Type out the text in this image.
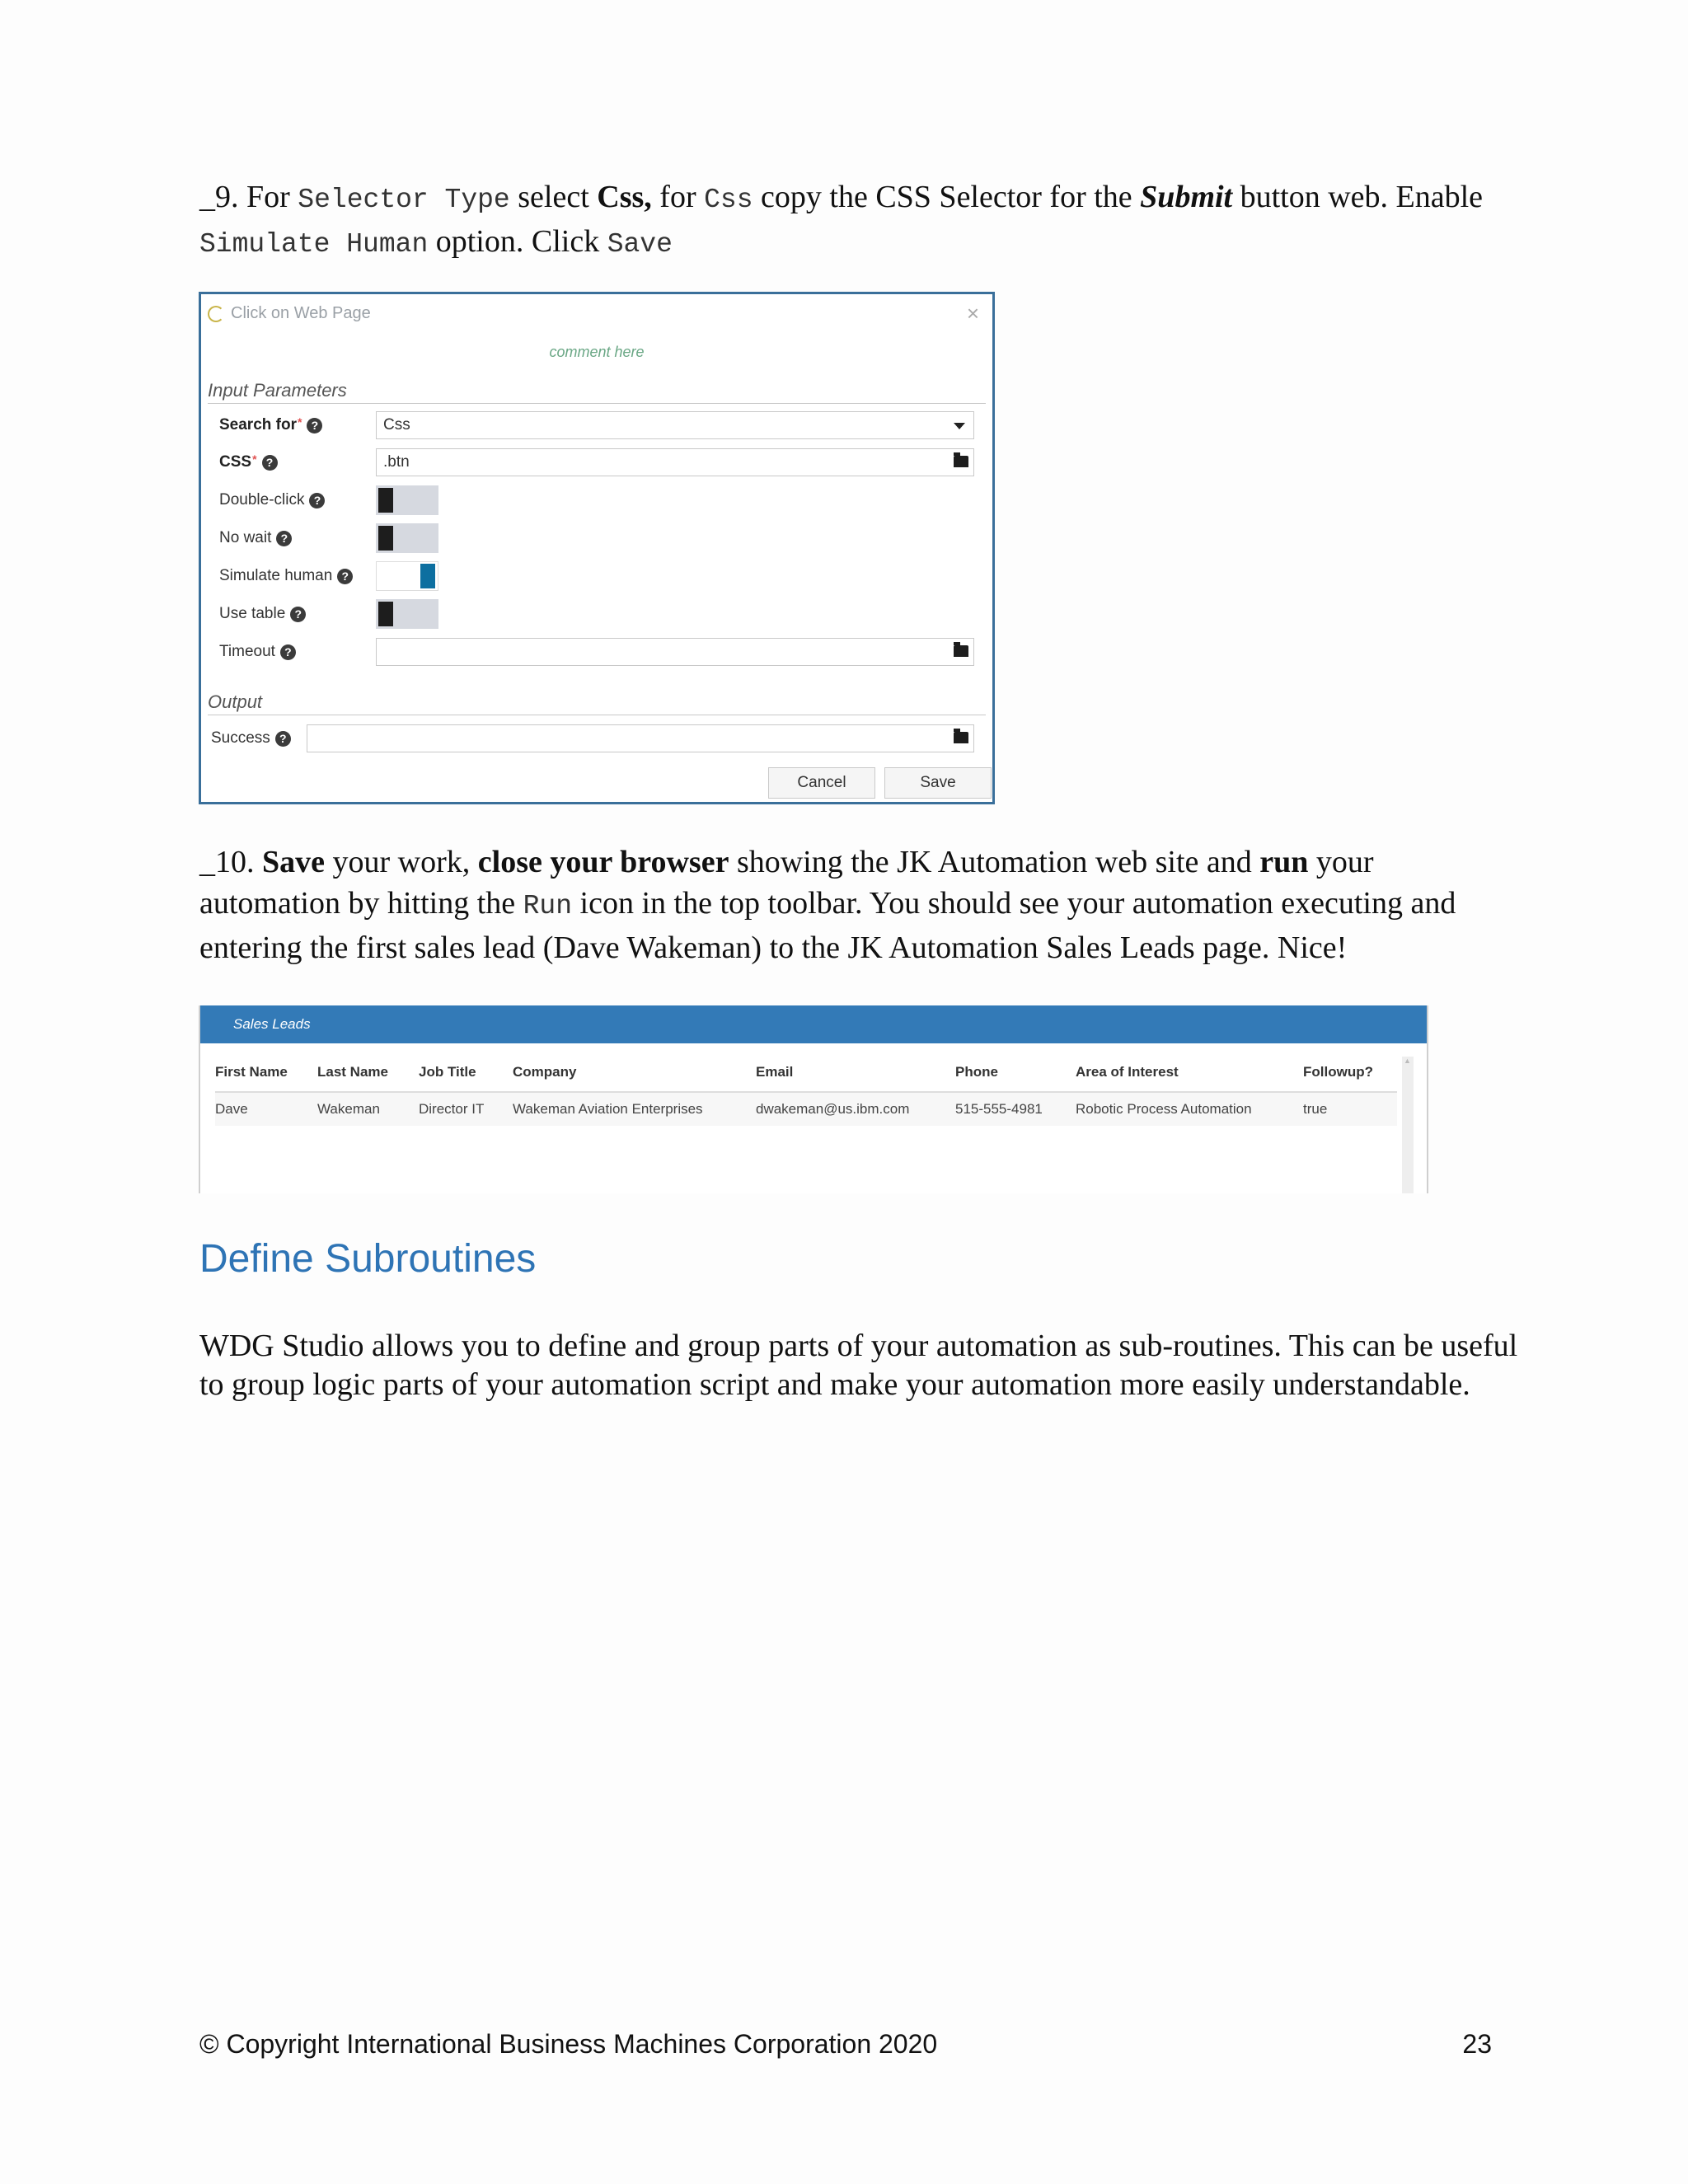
_9. For Selector Type select Css, for Css copy the CSS Selector for the Submit button web. Enable Simulate Human option. Click Save
Click on Web Page	×
comment here
Input Parameters
Search for * ?	Css
CSS * ?	.btn
Double-click ?
No wait ?
Simulate human ?
Use table ?
Timeout ?
Output
Success ?
Cancel	Save
_10. Save your work, close your browser showing the JK Automation web site and run your automation by hitting the Run icon in the top toolbar. You should see your automation executing and entering the first sales lead (Dave Wakeman) to the JK Automation Sales Leads page. Nice!
Sales Leads
First Name	Last Name	Job Title	Company	Email	Phone	Area of Interest	Followup?
Dave	Wakeman	Director IT	Wakeman Aviation Enterprises	dwakeman@us.ibm.com	515-555-4981	Robotic Process Automation	true
▲
Define Subroutines
WDG Studio allows you to define and group parts of your automation as sub-routines. This can be useful to group logic parts of your automation script and make your automation more easily understandable.
© Copyright International Business Machines Corporation 2020	23
